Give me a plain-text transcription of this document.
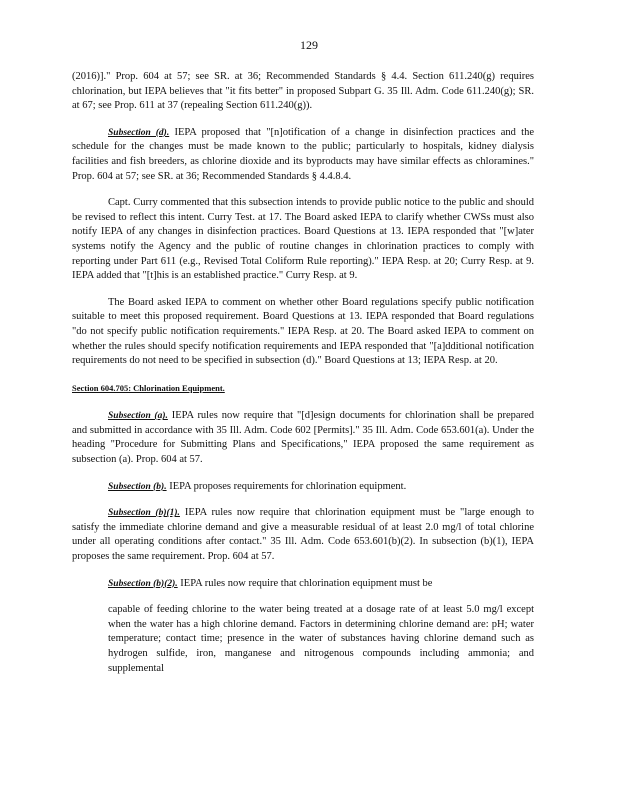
129

(2016)]." Prop. 604 at 57; see SR. at 36; Recommended Standards § 4.4. Section 611.240(g) requires chlorination, but IEPA believes that "it fits better" in proposed Subpart G. 35 Ill. Adm. Code 611.240(g); SR. at 67; see Prop. 611 at 37 (repealing Section 611.240(g)).

Subsection (d). IEPA proposed that "[n]otification of a change in disinfection practices and the schedule for the changes must be made known to the public; particularly to hospitals, kidney dialysis facilities and fish breeders, as chlorine dioxide and its byproducts may have similar effects as chloramines." Prop. 604 at 57; see SR. at 36; Recommended Standards § 4.4.8.4.

Capt. Curry commented that this subsection intends to provide public notice to the public and should be revised to reflect this intent. Curry Test. at 17. The Board asked IEPA to clarify whether CWSs must also notify IEPA of any changes in disinfection practices. Board Questions at 13. IEPA responded that "[w]ater systems notify the Agency and the public of routine changes in chlorination practices to comply with reporting under Part 611 (e.g., Revised Total Coliform Rule reporting)." IEPA Resp. at 20; Curry Resp. at 9. IEPA added that "[t]his is an established practice." Curry Resp. at 9.

The Board asked IEPA to comment on whether other Board regulations specify public notification suitable to meet this proposed requirement. Board Questions at 13. IEPA responded that Board regulations "do not specify public notification requirements." IEPA Resp. at 20. The Board asked IEPA to comment on whether the rules should specify notification requirements and IEPA responded that "[a]dditional notification requirements do not need to be specified in subsection (d)." Board Questions at 13; IEPA Resp. at 20.

Section 604.705: Chlorination Equipment.

Subsection (a). IEPA rules now require that "[d]esign documents for chlorination shall be prepared and submitted in accordance with 35 Ill. Adm. Code 602 [Permits]." 35 Ill. Adm. Code 653.601(a). Under the heading "Procedure for Submitting Plans and Specifications," IEPA proposed the same requirement as subsection (a). Prop. 604 at 57.

Subsection (b). IEPA proposes requirements for chlorination equipment.

Subsection (b)(1). IEPA rules now require that chlorination equipment must be "large enough to satisfy the immediate chlorine demand and give a measurable residual of at least 2.0 mg/l of total chlorine under all operating conditions after contact." 35 Ill. Adm. Code 653.601(b)(2). In subsection (b)(1), IEPA proposes the same requirement. Prop. 604 at 57.

Subsection (b)(2). IEPA rules now require that chlorination equipment must be

capable of feeding chlorine to the water being treated at a dosage rate of at least 5.0 mg/l except when the water has a high chlorine demand. Factors in determining chlorine demand are: pH; water temperature; contact time; presence in the water of substances having chlorine demand such as hydrogen sulfide, iron, manganese and nitrogenous compounds including ammonia; and supplemental
